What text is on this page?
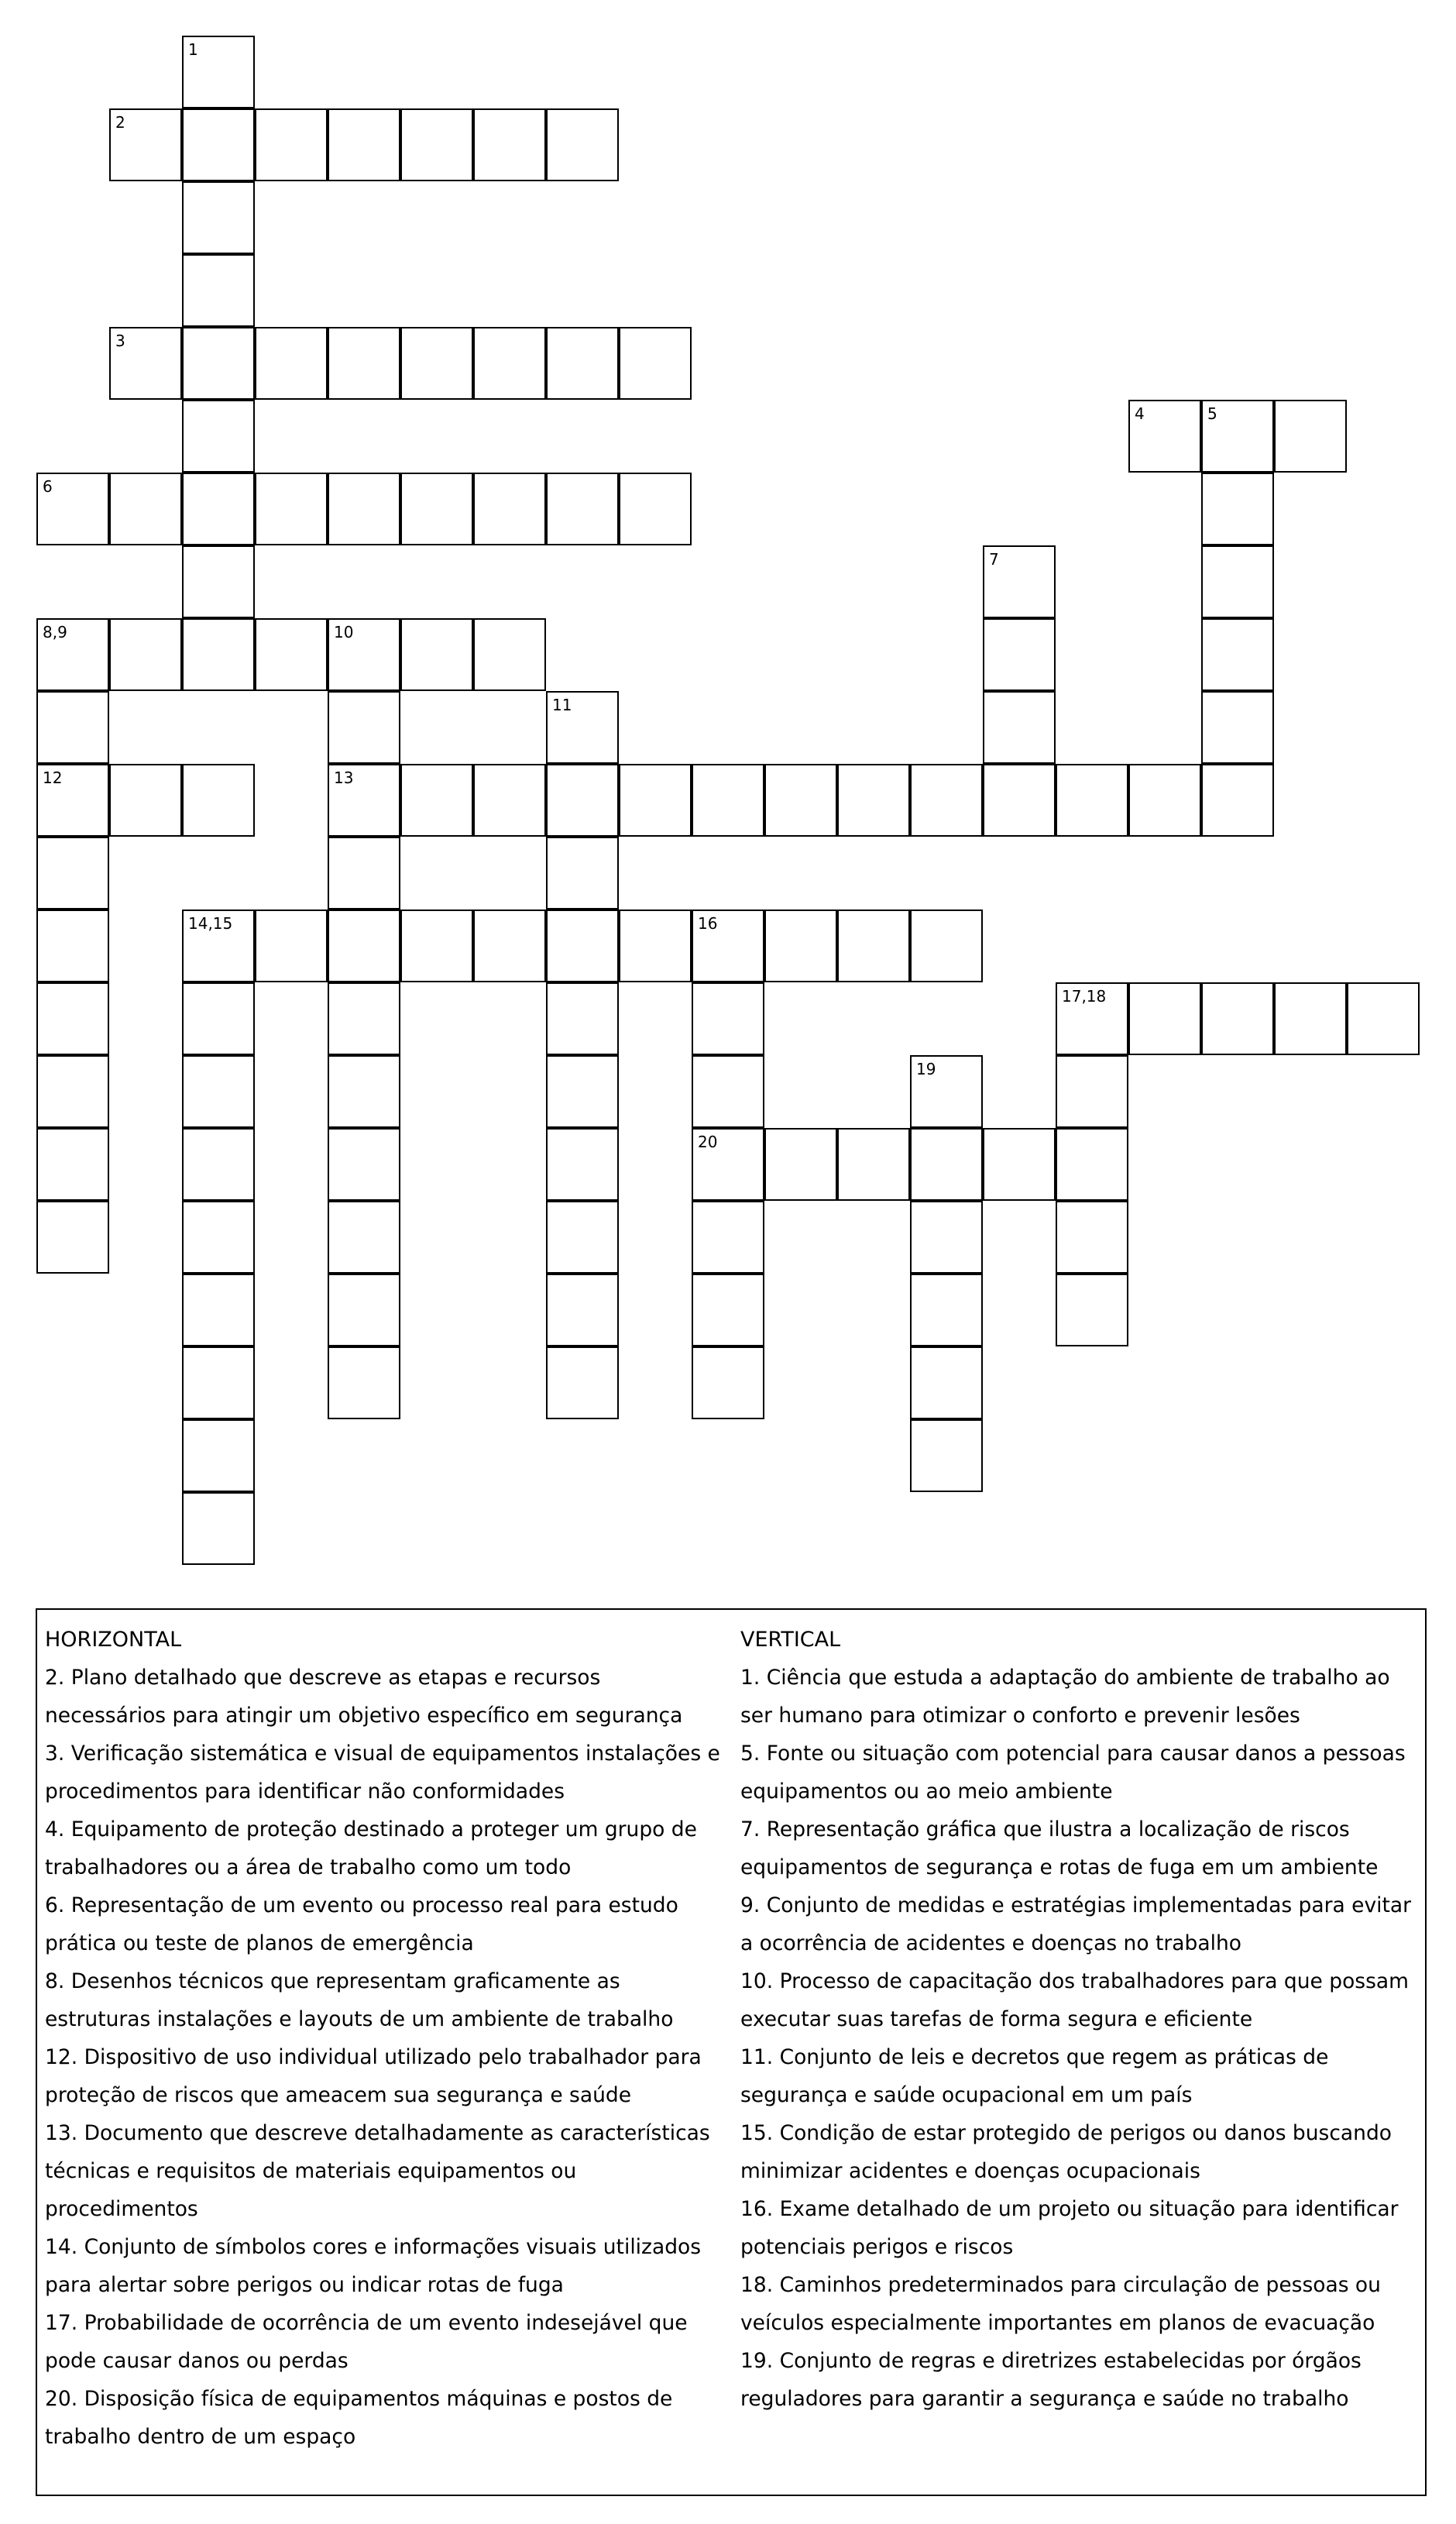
1
2
3
4	5
6
7
8,9	10
11
12	13
14,15	16
17,18
19
20
HORIZONTAL
2. Plano detalhado que descreve as etapas e recursos
necessários para atingir um objetivo específico em segurança
3. Verificação sistemática e visual de equipamentos instalações e
procedimentos para identificar não conformidades
4. Equipamento de proteção destinado a proteger um grupo de
trabalhadores ou a área de trabalho como um todo
6. Representação de um evento ou processo real para estudo
prática ou teste de planos de emergência
8. Desenhos técnicos que representam graficamente as
estruturas instalações e layouts de um ambiente de trabalho
12. Dispositivo de uso individual utilizado pelo trabalhador para
proteção de riscos que ameacem sua segurança e saúde
13. Documento que descreve detalhadamente as características
técnicas e requisitos de materiais equipamentos ou
procedimentos
14. Conjunto de símbolos cores e informações visuais utilizados
para alertar sobre perigos ou indicar rotas de fuga
17. Probabilidade de ocorrência de um evento indesejável que
pode causar danos ou perdas
20. Disposição física de equipamentos máquinas e postos de
trabalho dentro de um espaço
VERTICAL
1. Ciência que estuda a adaptação do ambiente de trabalho ao
ser humano para otimizar o conforto e prevenir lesões
5. Fonte ou situação com potencial para causar danos a pessoas
equipamentos ou ao meio ambiente
7. Representação gráfica que ilustra a localização de riscos
equipamentos de segurança e rotas de fuga em um ambiente
9. Conjunto de medidas e estratégias implementadas para evitar
a ocorrência de acidentes e doenças no trabalho
10. Processo de capacitação dos trabalhadores para que possam
executar suas tarefas de forma segura e eficiente
11. Conjunto de leis e decretos que regem as práticas de
segurança e saúde ocupacional em um país
15. Condição de estar protegido de perigos ou danos buscando
minimizar acidentes e doenças ocupacionais
16. Exame detalhado de um projeto ou situação para identificar
potenciais perigos e riscos
18. Caminhos predeterminados para circulação de pessoas ou
veículos especialmente importantes em planos de evacuação
19. Conjunto de regras e diretrizes estabelecidas por órgãos
reguladores para garantir a segurança e saúde no trabalho
